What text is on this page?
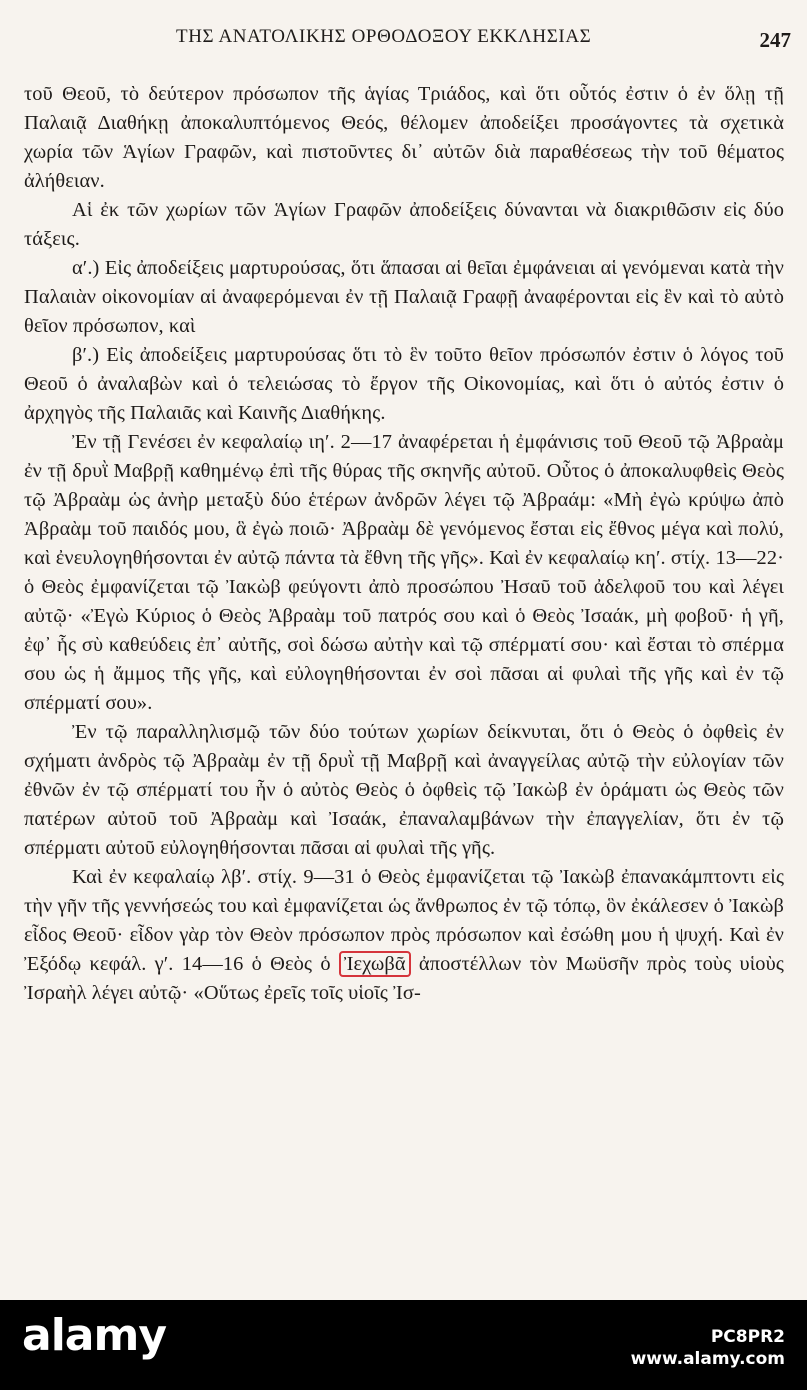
ΤΗΣ ΑΝΑΤΟΛΙΚΗΣ ΟΡΘΟΔΟΞΟΥ ΕΚΚΛΗΣΙΑΣ	247

τοῦ Θεοῦ, τὸ δεύτερον πρόσωπον τῆς ἁγίας Τριάδος, καὶ ὅτι οὗτός ἐστιν ὁ ἐν ὅλῃ τῇ Παλαιᾷ Διαθήκῃ ἀποκαλυπτόμενος Θεός, θέλομεν ἀποδείξει προσάγοντες τὰ σχετικὰ χωρία τῶν Ἁγίων Γραφῶν, καὶ πιστοῦντες δι᾽ αὐτῶν διὰ παραθέσεως τὴν τοῦ θέματος ἀλήθειαν.

Αἱ ἐκ τῶν χωρίων τῶν Ἁγίων Γραφῶν ἀποδείξεις δύνανται νὰ διακριθῶσιν εἰς δύο τάξεις.

α′.) Εἰς ἀποδείξεις μαρτυρούσας, ὅτι ἅπασαι αἱ θεῖαι ἐμφάνειαι αἱ γενόμεναι κατὰ τὴν Παλαιὰν οἰκονομίαν αἱ ἀναφερόμεναι ἐν τῇ Παλαιᾷ Γραφῇ ἀναφέρονται εἰς ἓν καὶ τὸ αὐτὸ θεῖον πρόσωπον, καὶ

β′.) Εἰς ἀποδείξεις μαρτυρούσας ὅτι τὸ ἓν τοῦτο θεῖον πρόσωπόν ἐστιν ὁ λόγος τοῦ Θεοῦ ὁ ἀναλαβὼν καὶ ὁ τελειώσας τὸ ἔργον τῆς Οἰκονομίας, καὶ ὅτι ὁ αὐτός ἐστιν ὁ ἀρχηγὸς τῆς Παλαιᾶς καὶ Καινῆς Διαθήκης.

Ἐν τῇ Γενέσει ἐν κεφαλαίῳ ιη′. 2—17 ἀναφέρεται ἡ ἐμφάνισις τοῦ Θεοῦ τῷ Ἀβραὰμ ἐν τῇ δρυῒ Μαβρῇ καθημένῳ ἐπὶ τῆς θύρας τῆς σκηνῆς αὐτοῦ. Οὗτος ὁ ἀποκαλυφθεὶς Θεὸς τῷ Ἀβραὰμ ὡς ἀνὴρ μεταξὺ δύο ἑτέρων ἀνδρῶν λέγει τῷ Ἀβραάμ: «Μὴ ἐγὼ κρύψω ἀπὸ Ἀβραὰμ τοῦ παιδός μου, ἃ ἐγὼ ποιῶ· Ἀβραὰμ δὲ γενόμενος ἔσται εἰς ἔθνος μέγα καὶ πολύ, καὶ ἐνευλογηθήσονται ἐν αὐτῷ πάντα τὰ ἔθνη τῆς γῆς». Καὶ ἐν κεφαλαίῳ κη′. στίχ. 13—22· ὁ Θεὸς ἐμφανίζεται τῷ Ἰακὼβ φεύγοντι ἀπὸ προσώπου Ἠσαῦ τοῦ ἀδελφοῦ του καὶ λέγει αὐτῷ· «Ἐγὼ Κύριος ὁ Θεὸς Ἀβραὰμ τοῦ πατρός σου καὶ ὁ Θεὸς Ἰσαάκ, μὴ φοβοῦ· ἡ γῆ, ἐφ᾽ ἧς σὺ καθεύδεις ἐπ᾽ αὐτῆς, σοὶ δώσω αὐτὴν καὶ τῷ σπέρματί σου· καὶ ἔσται τὸ σπέρμα σου ὡς ἡ ἄμμος τῆς γῆς, καὶ εὐλογηθήσονται ἐν σοὶ πᾶσαι αἱ φυλαὶ τῆς γῆς καὶ ἐν τῷ σπέρματί σου».

Ἐν τῷ παραλληλισμῷ τῶν δύο τούτων χωρίων δείκνυται, ὅτι ὁ Θεὸς ὁ ὀφθεὶς ἐν σχήματι ἀνδρὸς τῷ Ἀβραὰμ ἐν τῇ δρυῒ τῇ Μαβρῇ καὶ ἀναγγείλας αὐτῷ τὴν εὐλογίαν τῶν ἐθνῶν ἐν τῷ σπέρματί του ἦν ὁ αὐτὸς Θεὸς ὁ ὀφθεὶς τῷ Ἰακὼβ ἐν ὁράματι ὡς Θεὸς τῶν πατέρων αὐτοῦ τοῦ Ἀβραὰμ καὶ Ἰσαάκ, ἐπαναλαμβάνων τὴν ἐπαγγελίαν, ὅτι ἐν τῷ σπέρματι αὐτοῦ εὐλογηθήσονται πᾶσαι αἱ φυλαὶ τῆς γῆς.

Καὶ ἐν κεφαλαίῳ λβ′. στίχ. 9—31 ὁ Θεὸς ἐμφανίζεται τῷ Ἰακὼβ ἐπανακάμπτοντι εἰς τὴν γῆν τῆς γεννήσεώς του καὶ ἐμφανίζεται ὡς ἄνθρωπος ἐν τῷ τόπῳ, ὃν ἐκάλεσεν ὁ Ἰακὼβ εἶδος Θεοῦ· εἶδον γὰρ τὸν Θεὸν πρόσωπον πρὸς πρόσωπον καὶ ἐσώθη μου ἡ ψυχή. Καὶ ἐν Ἐξόδῳ κεφάλ. γ′. 14—16 ὁ Θεὸς ὁ Ἰεχωβᾶ ἀποστέλλων τὸν Μωϋσῆν πρὸς τοὺς υἱοὺς Ἰσραὴλ λέγει αὐτῷ· «Οὕτως ἐρεῖς τοῖς υἱοῖς Ἰσ-

alamy	PC8PR2
www.alamy.com
